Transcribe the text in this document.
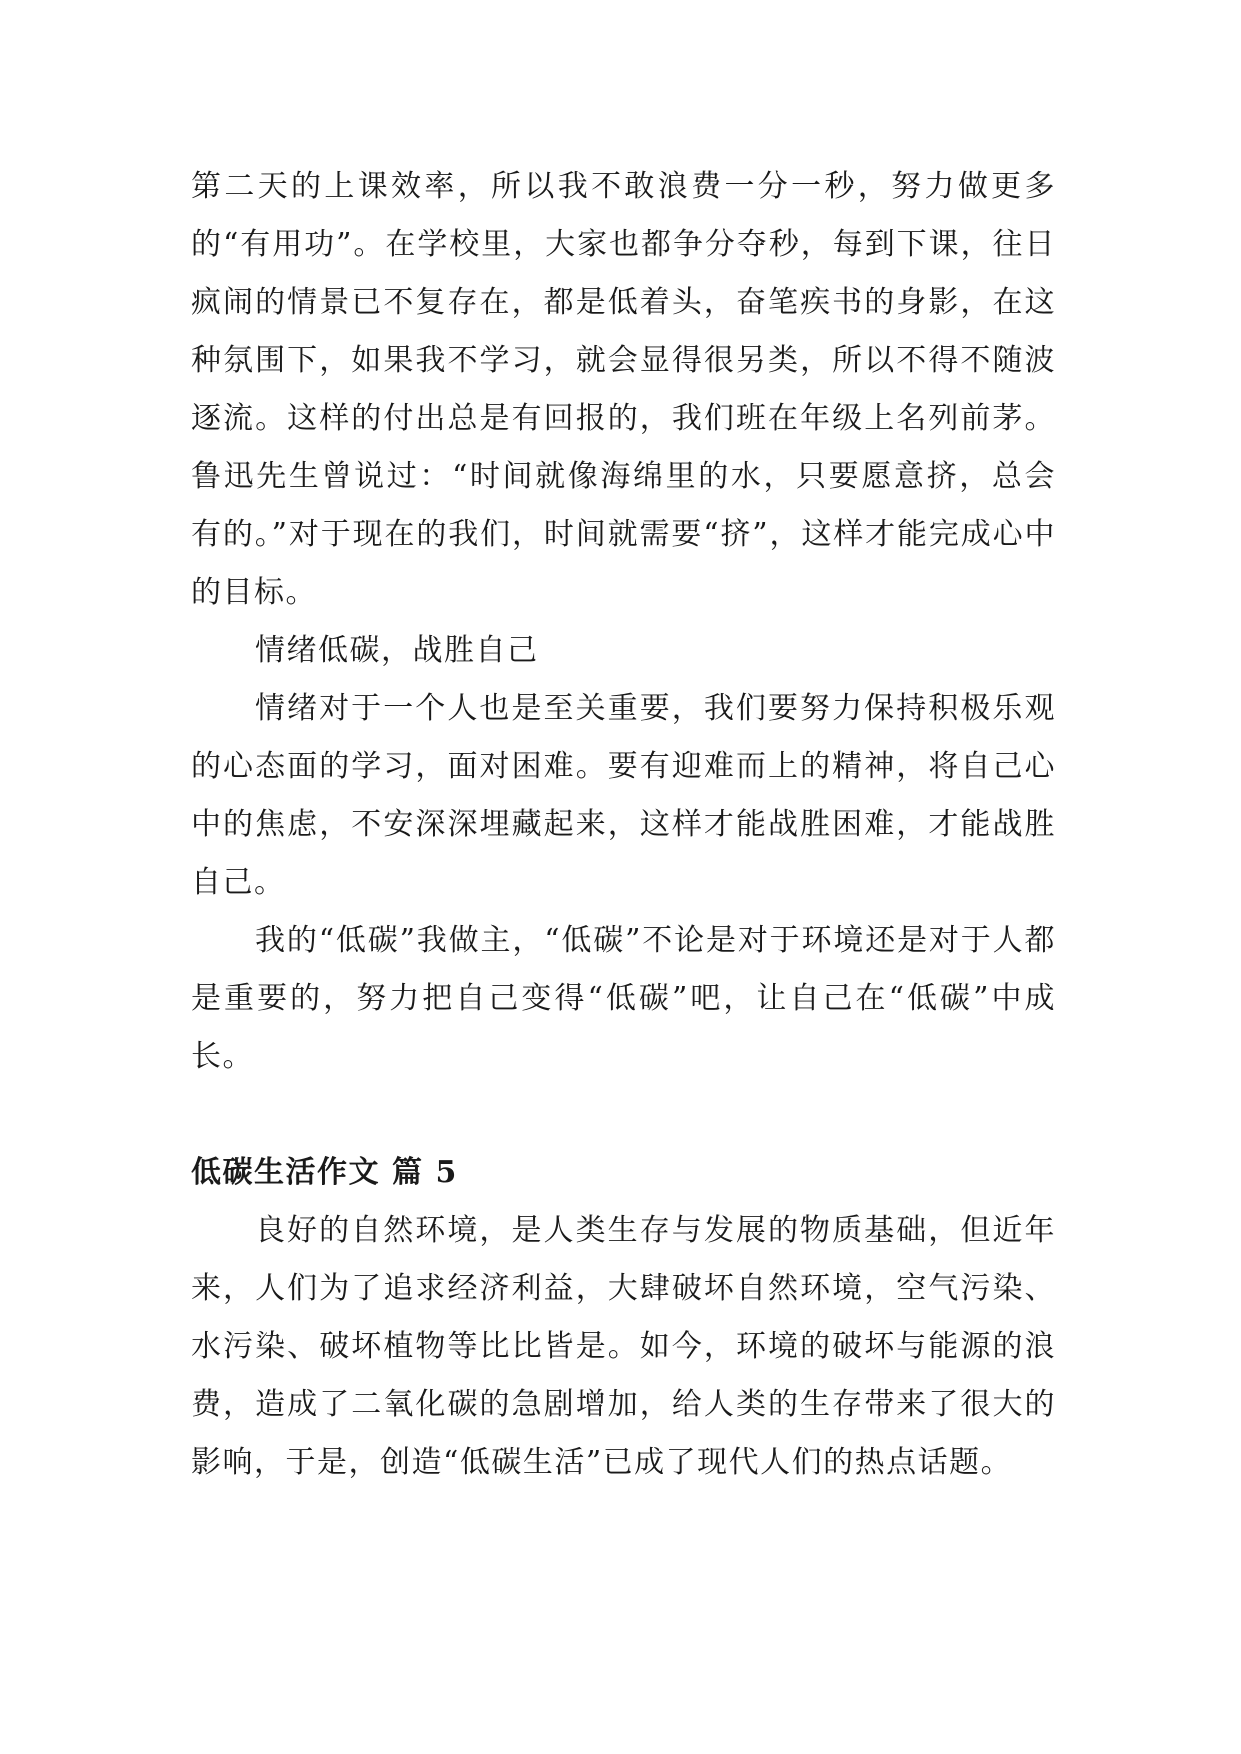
第二天的上课效率，所以我不敢浪费一分一秒，努力做更多的“有用功”。在学校里，大家也都争分夺秒，每到下课，往日疯闹的情景已不复存在，都是低着头，奋笔疾书的身影，在这种氛围下，如果我不学习，就会显得很另类，所以不得不随波逐流。这样的付出总是有回报的，我们班在年级上名列前茅。鲁迅先生曾说过：“时间就像海绵里的水，只要愿意挤，总会有的。”对于现在的我们，时间就需要“挤”，这样才能完成心中的目标。

情绪低碳，战胜自己

情绪对于一个人也是至关重要，我们要努力保持积极乐观的心态面的学习，面对困难。要有迎难而上的精神，将自己心中的焦虑，不安深深埋藏起来，这样才能战胜困难，才能战胜自己。

我的“低碳”我做主，“低碳”不论是对于环境还是对于人都是重要的，努力把自己变得“低碳”吧，让自己在“低碳”中成长。

低碳生活作文 篇 5

良好的自然环境，是人类生存与发展的物质基础，但近年来，人们为了追求经济利益，大肆破坏自然环境，空气污染、水污染、破坏植物等比比皆是。如今，环境的破坏与能源的浪费，造成了二氧化碳的急剧增加，给人类的生存带来了很大的影响，于是，创造“低碳生活”已成了现代人们的热点话题。
